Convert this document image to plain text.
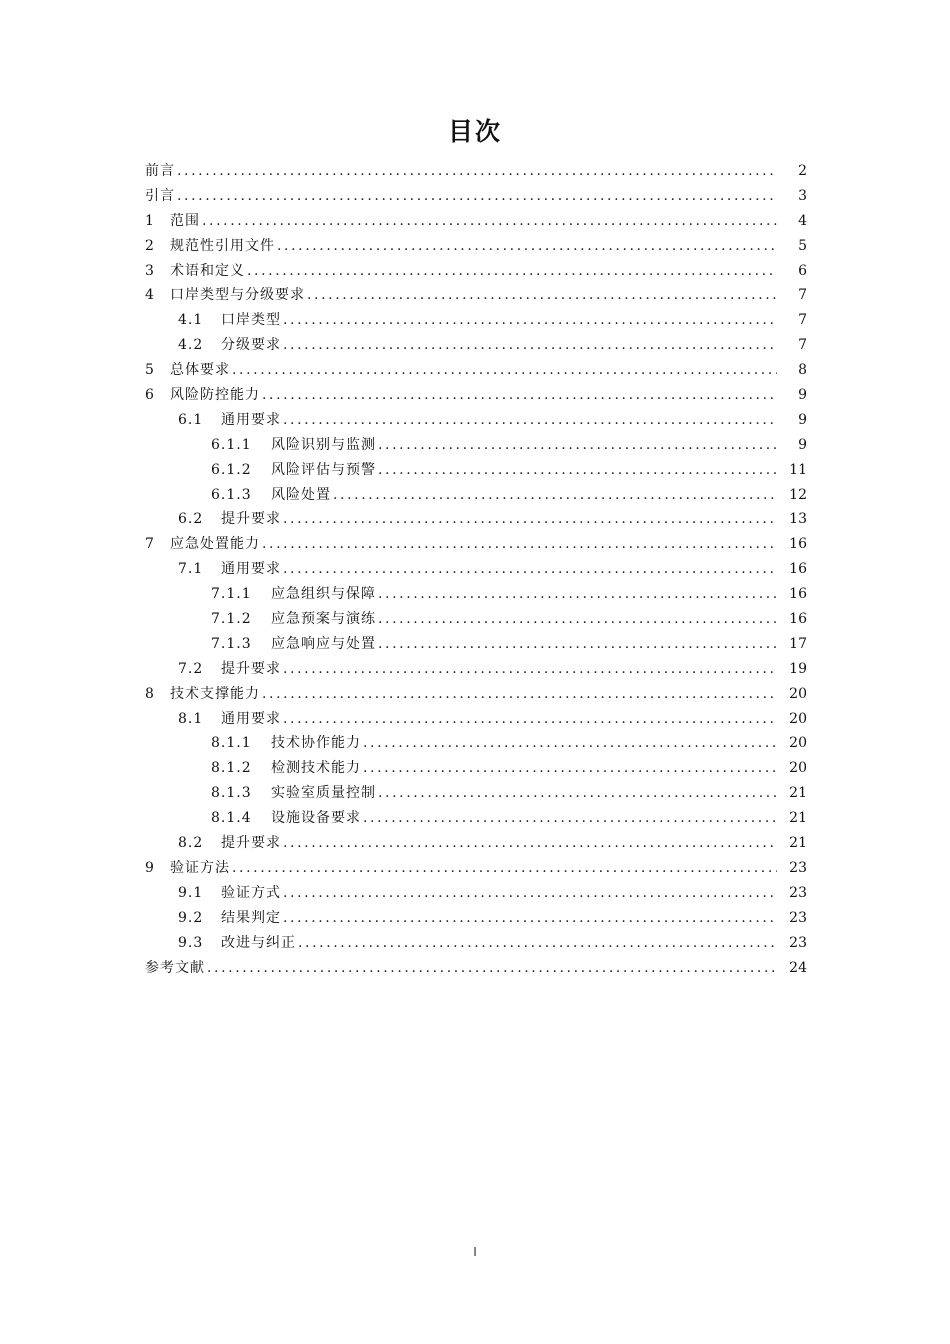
目次
前言 .....	2
引言 .....	3
1	范围 .....	4
2	规范性引用文件 .....	5
3	术语和定义 .....	6
4	口岸类型与分级要求 .....	7
4.1	口岸类型 .....	7
4.2	分级要求 .....	7
5	总体要求 .....	8
6	风险防控能力 .....	9
6.1	通用要求 .....	9
6.1.1	风险识别与监测 .....	9
6.1.2	风险评估与预警 .....	11
6.1.3	风险处置 .....	12
6.2	提升要求 .....	13
7	应急处置能力 .....	16
7.1	通用要求 .....	16
7.1.1	应急组织与保障 .....	16
7.1.2	应急预案与演练 .....	16
7.1.3	应急响应与处置 .....	17
7.2	提升要求 .....	19
8	技术支撑能力 .....	20
8.1	通用要求 .....	20
8.1.1	技术协作能力 .....	20
8.1.2	检测技术能力 .....	20
8.1.3	实验室质量控制 .....	21
8.1.4	设施设备要求 .....	21
8.2	提升要求 .....	21
9	验证方法 .....	23
9.1	验证方式 .....	23
9.2	结果判定 .....	23
9.3	改进与纠正 .....	23
参考文献 .....	24
I
